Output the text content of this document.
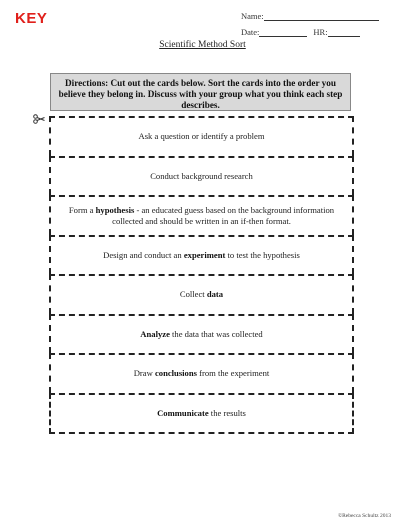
KEY	Name:
Date:	HR:
Scientific Method Sort
Directions: Cut out the cards below. Sort the cards into the order you believe they belong in. Discuss with your group what you think each step describes.
Ask a question or identify a problem
Conduct background research
Form a hypothesis - an educated guess based on the background information collected and should be written in an if-then format.
Design and conduct an experiment to test the hypothesis
Collect data
Analyze the data that was collected
Draw conclusions from the experiment
Communicate the results
©Rebecca Schultz 2013
